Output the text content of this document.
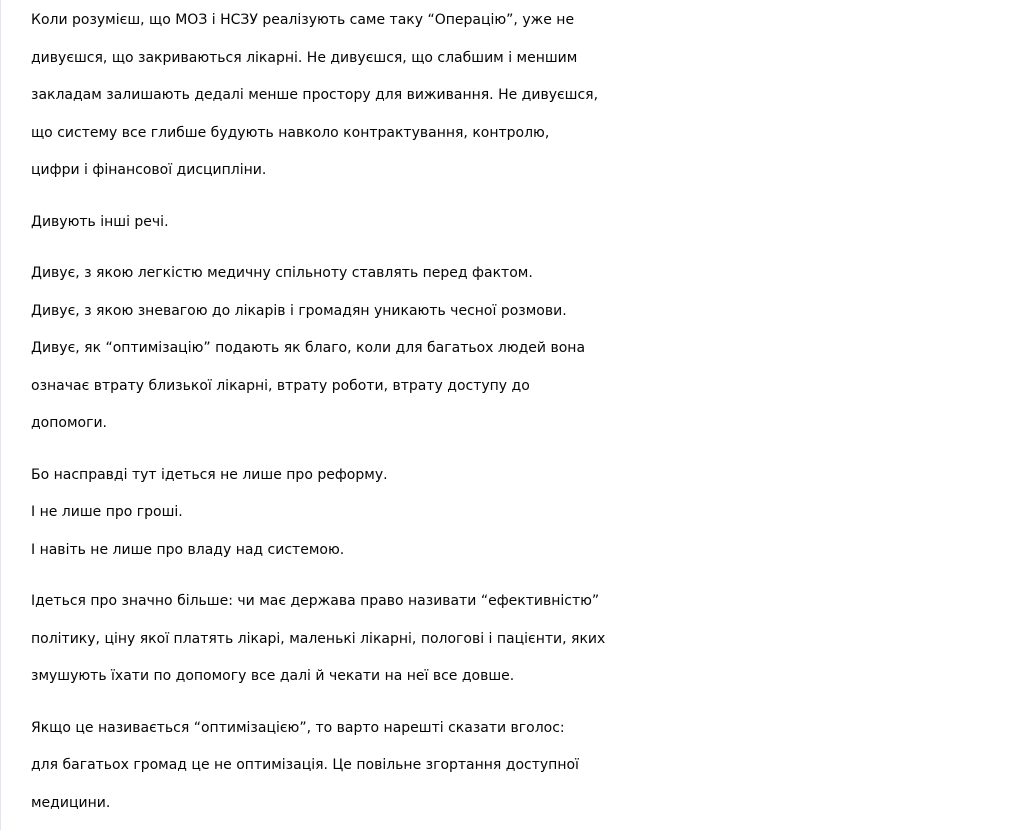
Коли розумієш, що МОЗ і НСЗУ реалізують саме таку “Операцію”, уже не
дивуєшся, що закриваються лікарні. Не дивуєшся, що слабшим і меншим
закладам залишають дедалі менше простору для виживання. Не дивуєшся,
що систему все глибше будують навколо контрактування, контролю,
цифри і фінансової дисципліни.

Дивують інші речі.

Дивує, з якою легкістю медичну спільноту ставлять перед фактом.
Дивує, з якою зневагою до лікарів і громадян уникають чесної розмови.
Дивує, як “оптимізацію” подають як благо, коли для багатьох людей вона
означає втрату близької лікарні, втрату роботи, втрату доступу до
допомоги.

Бо насправді тут ідеться не лише про реформу.
І не лише про гроші.
І навіть не лише про владу над системою.

Ідеться про значно більше: чи має держава право називати “ефективністю”
політику, ціну якої платять лікарі, маленькі лікарні, пологові і пацієнти, яких
змушують їхати по допомогу все далі й чекати на неї все довше.

Якщо це називається “оптимізацією”, то варто нарешті сказати вголос:
для багатьох громад це не оптимізація. Це повільне згортання доступної
медицини.
